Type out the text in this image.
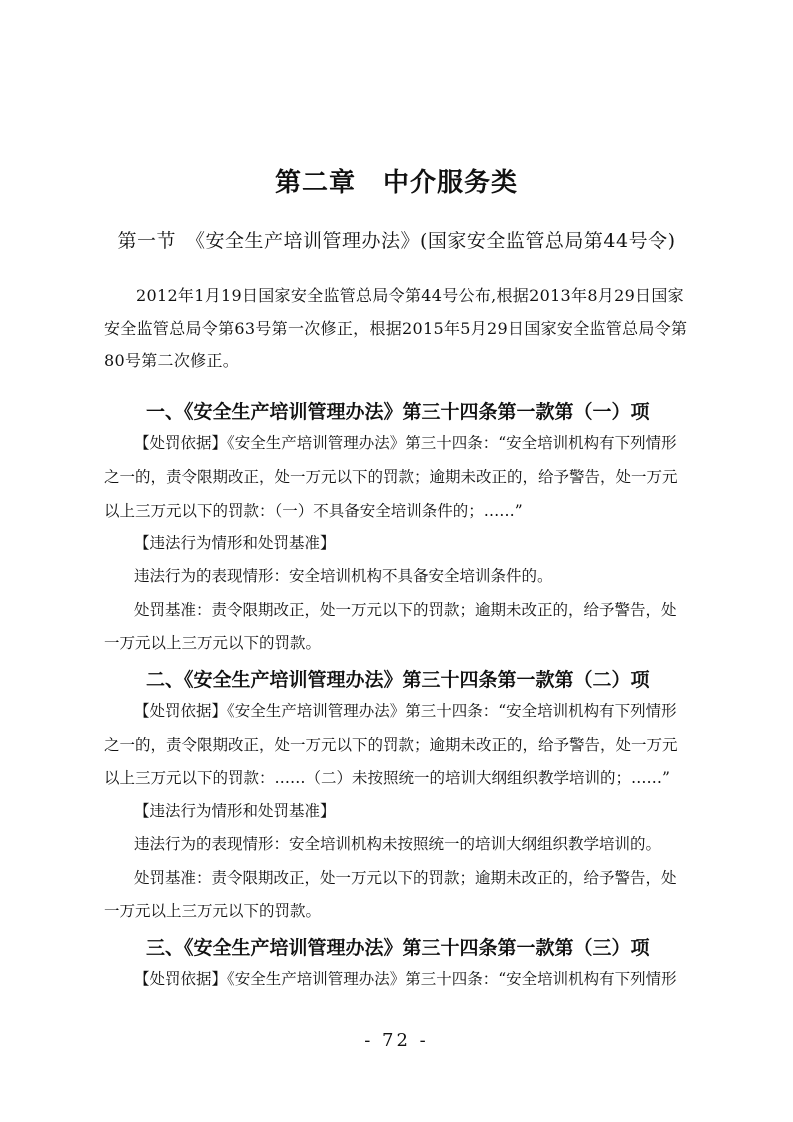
第二章　中介服务类
第一节　《安全生产培训管理办法》(国家安全监管总局第44号令)

2012年1月19日国家安全监管总局令第44号公布,根据2013年8月29日国家

安全监管总局令第63号第一次修正，根据2015年5月29日国家安全监管总局令第

80号第二次修正。

一、《安全生产培训管理办法》第三十四条第一款第（一）项

【处罚依据】《安全生产培训管理办法》第三十四条：“安全培训机构有下列情形

之一的，责令限期改正，处一万元以下的罚款；逾期未改正的，给予警告，处一万元

以上三万元以下的罚款：（一）不具备安全培训条件的；……”

【违法行为情形和处罚基准】

违法行为的表现情形：安全培训机构不具备安全培训条件的。

处罚基准：责令限期改正，处一万元以下的罚款；逾期未改正的，给予警告，处

一万元以上三万元以下的罚款。

二、《安全生产培训管理办法》第三十四条第一款第（二）项

【处罚依据】《安全生产培训管理办法》第三十四条：“安全培训机构有下列情形

之一的，责令限期改正，处一万元以下的罚款；逾期未改正的，给予警告，处一万元

以上三万元以下的罚款：……（二）未按照统一的培训大纲组织教学培训的；……”

【违法行为情形和处罚基准】

违法行为的表现情形：安全培训机构未按照统一的培训大纲组织教学培训的。

处罚基准：责令限期改正，处一万元以下的罚款；逾期未改正的，给予警告，处

一万元以上三万元以下的罚款。

三、《安全生产培训管理办法》第三十四条第一款第（三）项

【处罚依据】《安全生产培训管理办法》第三十四条：“安全培训机构有下列情形

- 72 -
